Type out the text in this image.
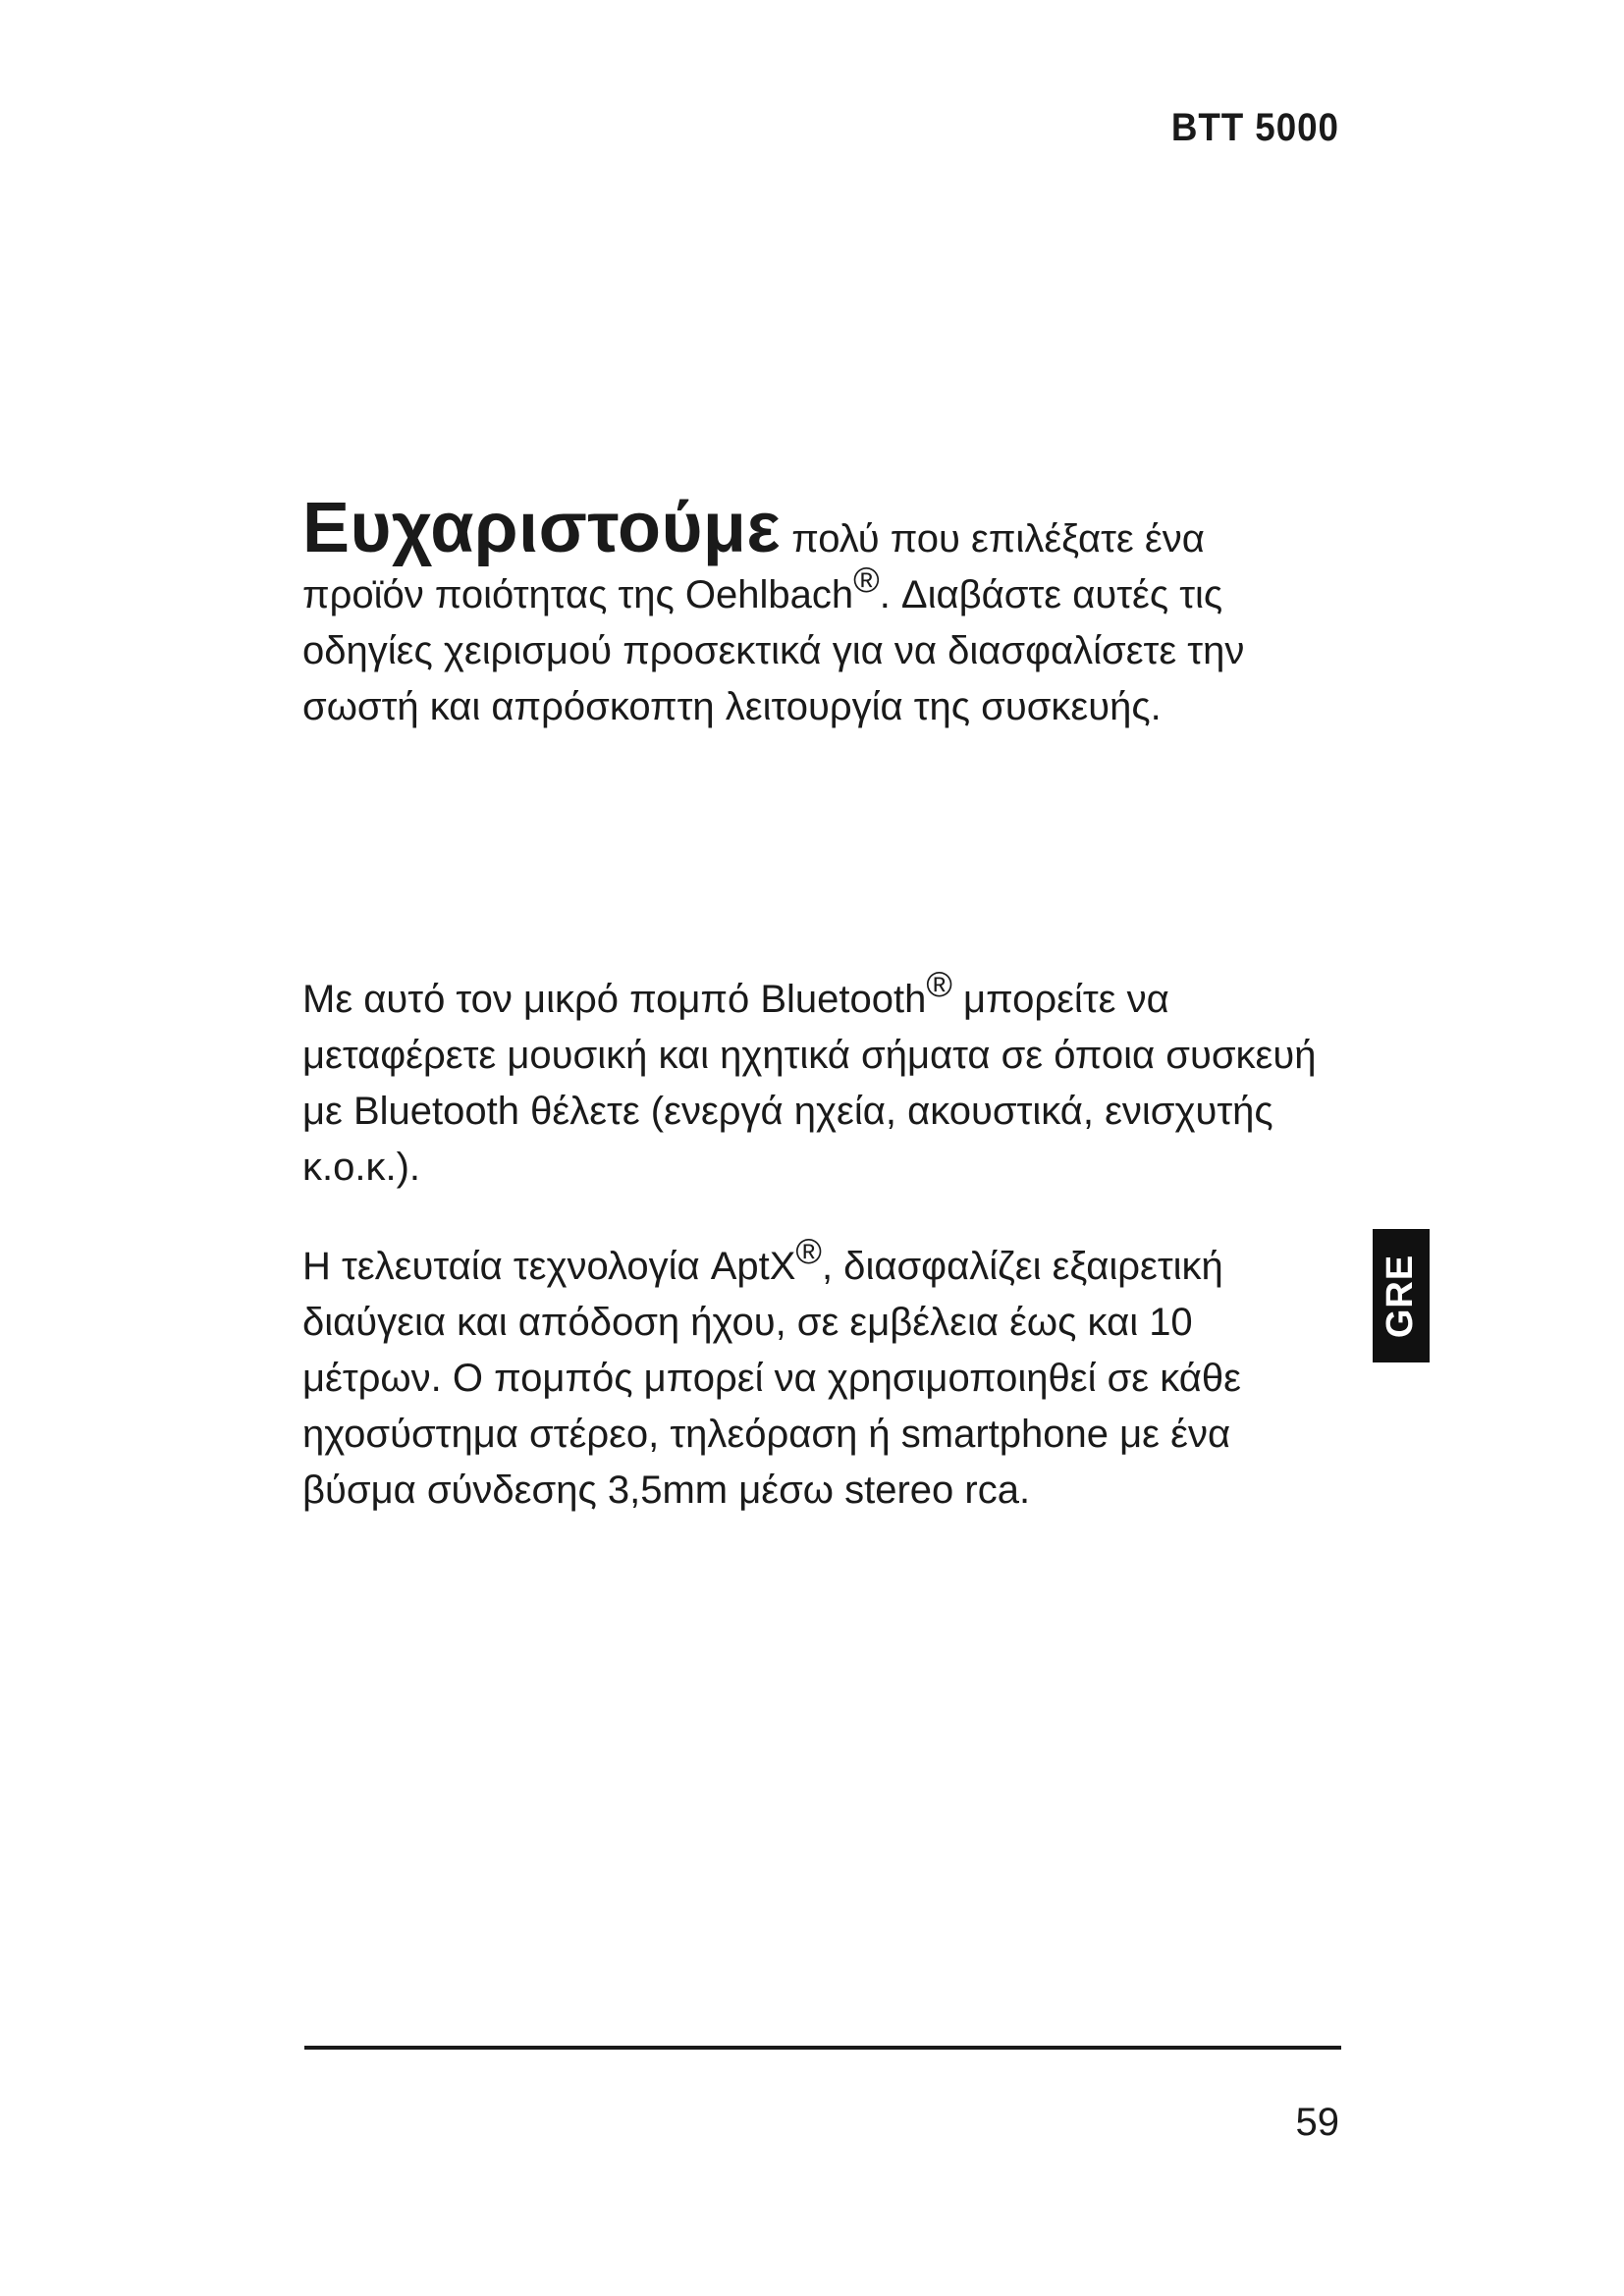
BTT 5000
Ευχαριστούμε πολύ που επιλέξατε ένα προϊόν ποιότητας της Oehlbach®. Διαβάστε αυτές τις οδηγίες χειρισμού προσεκτικά για να διασφαλίσετε την σωστή και απρόσκοπτη λειτουργία της συσκευής.
Με αυτό τον μικρό πομπό Bluetooth® μπορείτε να μεταφέρετε μουσική και ηχητικά σήματα σε όποια συσκευή με Bluetooth θέλετε (ενεργά ηχεία, ακουστικά, ενισχυτής κ.ο.κ.).
Η τελευταία τεχνολογία AptX®, διασφαλίζει εξαιρετική διαύγεια και απόδοση ήχου, σε εμβέλεια έως και 10 μέτρων. Ο πομπός μπορεί να χρησιμοποιηθεί σε κάθε ηχοσύστημα στέρεο, τηλεόραση ή smartphone με ένα βύσμα σύνδεσης 3,5mm μέσω stereo rca.
GRE
59
